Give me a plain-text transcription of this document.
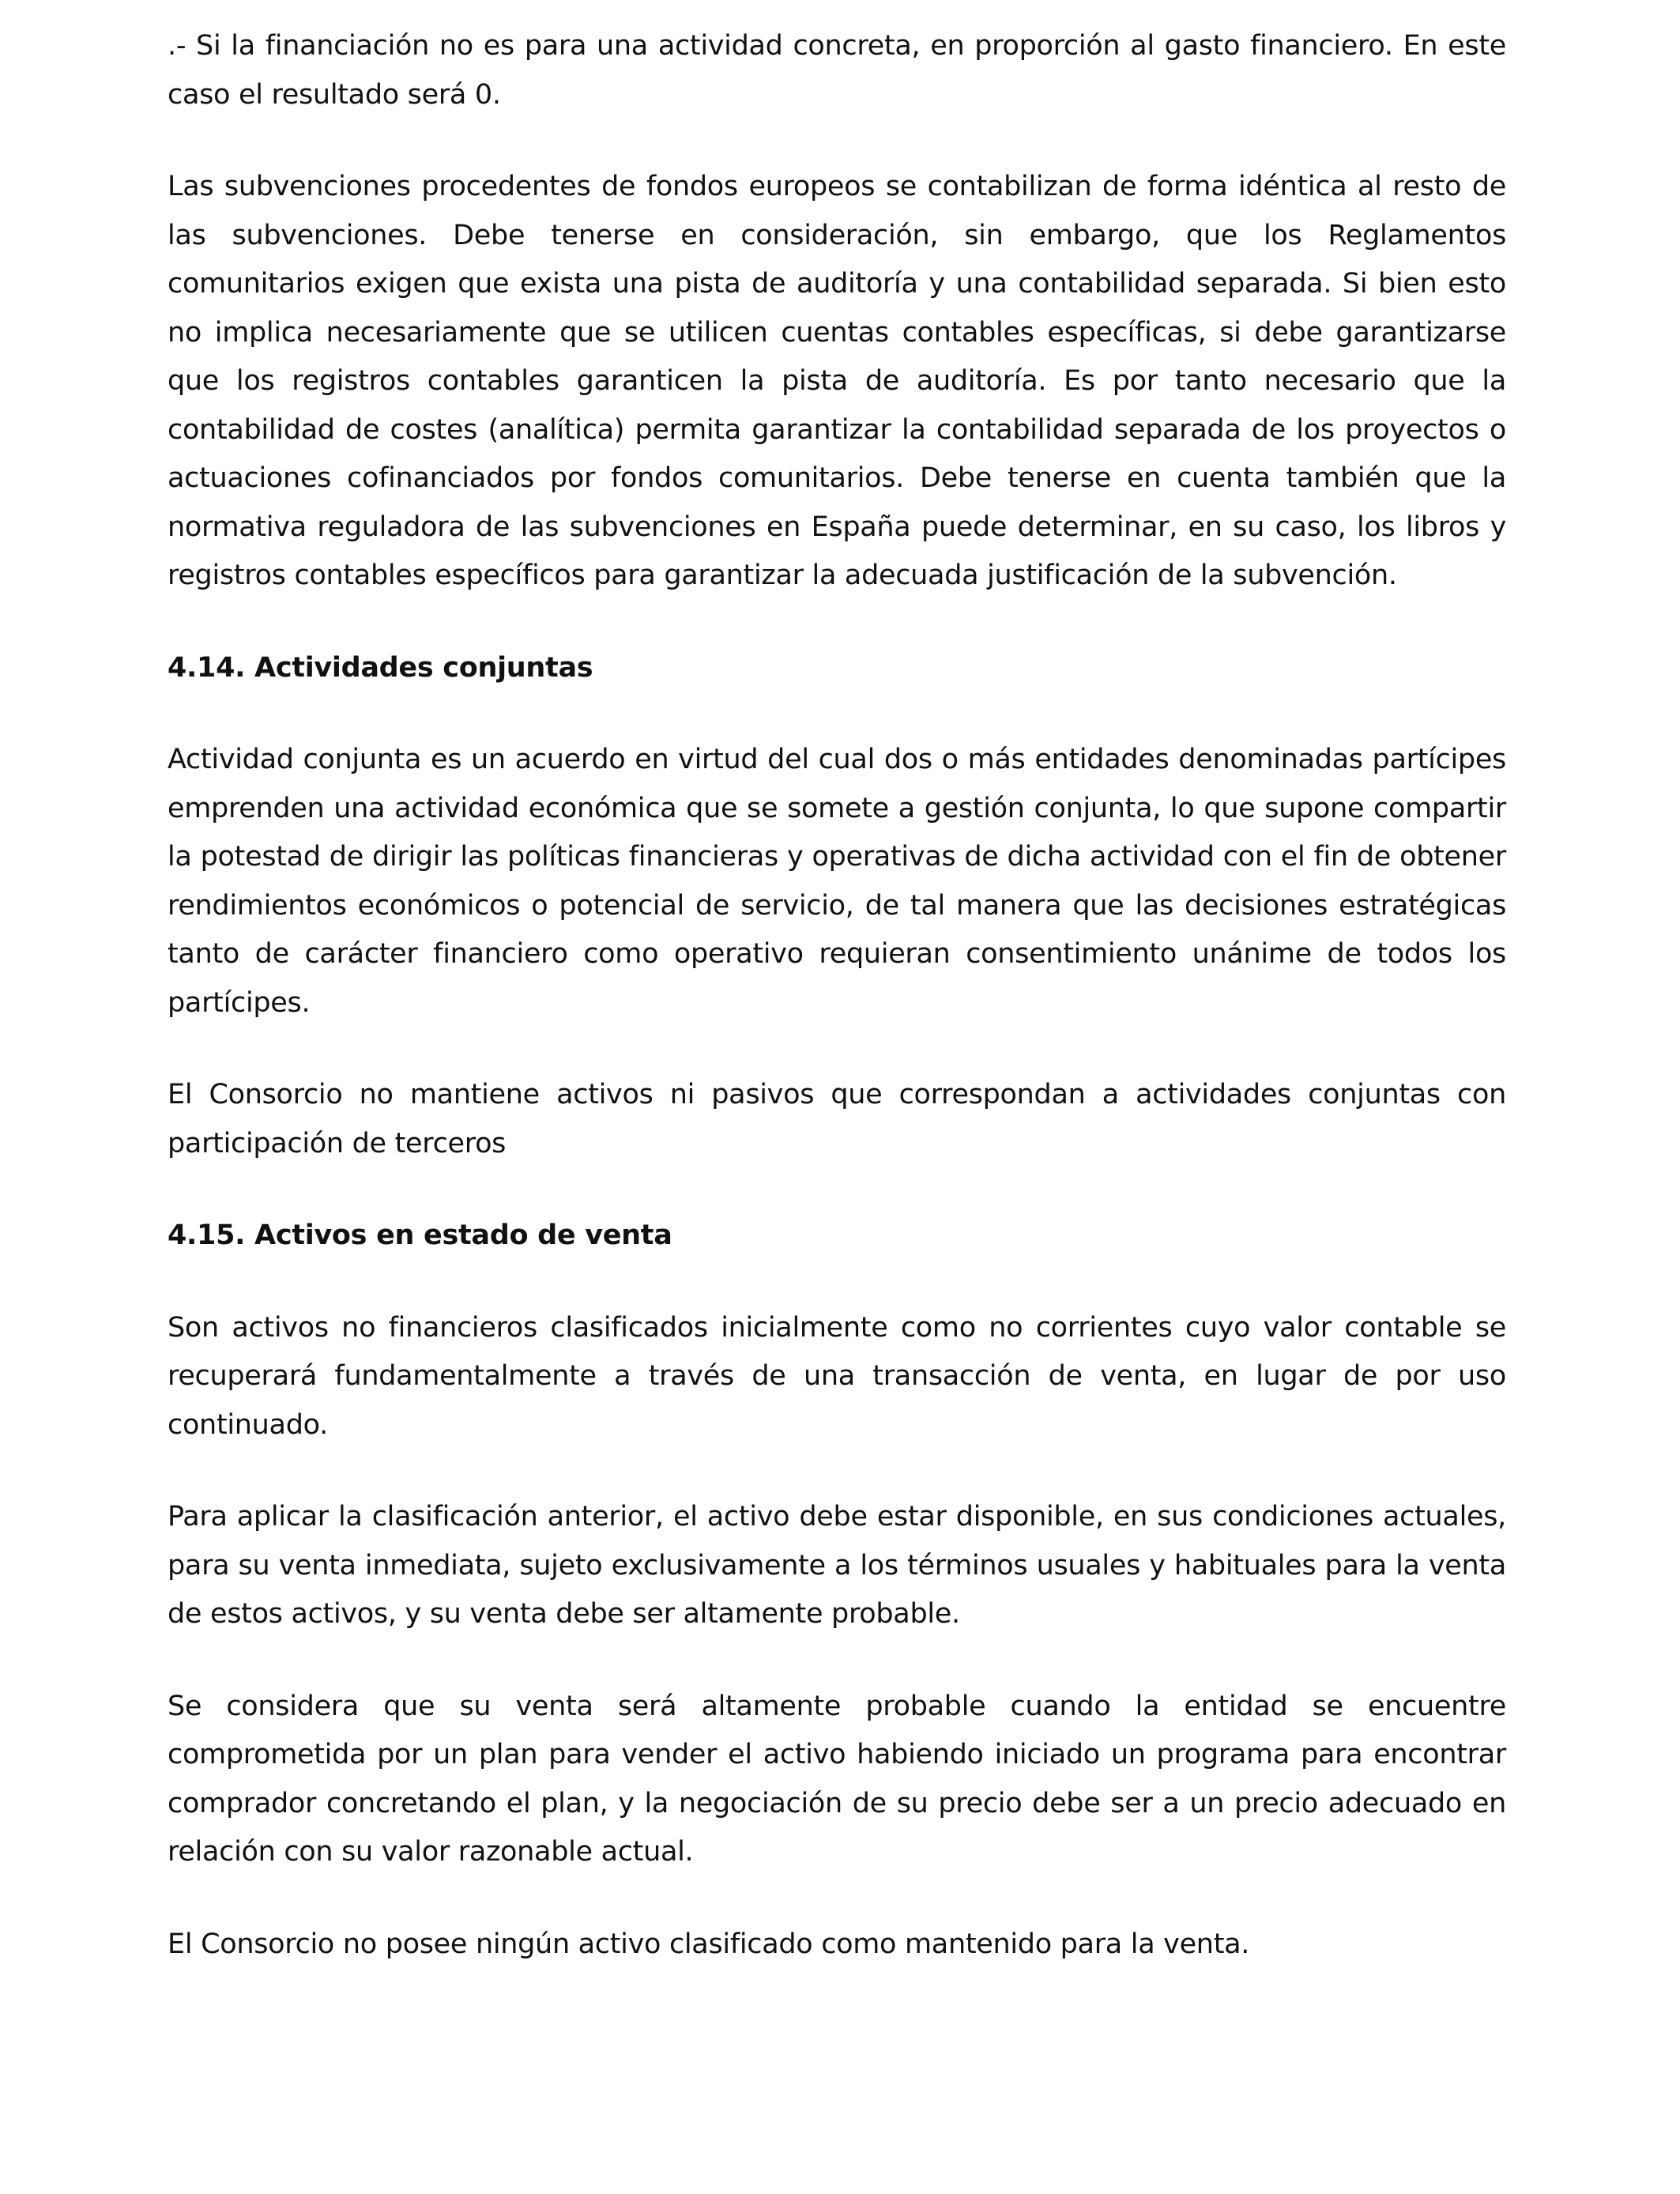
.- Si la financiación no es para una actividad concreta, en proporción al gasto financiero. En este caso el resultado será 0.

Las subvenciones procedentes de fondos europeos se contabilizan de forma idéntica al resto de las subvenciones. Debe tenerse en consideración, sin embargo, que los Reglamentos comunitarios exigen que exista una pista de auditoría y una contabilidad separada. Si bien esto no implica necesariamente que se utilicen cuentas contables específicas, si debe garantizarse que los registros contables garanticen la pista de auditoría. Es por tanto necesario que la contabilidad de costes (analítica) permita garantizar la contabilidad separada de los proyectos o actuaciones cofinanciados por fondos comunitarios. Debe tenerse en cuenta también que la normativa reguladora de las subvenciones en España puede determinar, en su caso, los libros y registros contables específicos para garantizar la adecuada justificación de la subvención.

4.14. Actividades conjuntas

Actividad conjunta es un acuerdo en virtud del cual dos o más entidades denominadas partícipes emprenden una actividad económica que se somete a gestión conjunta, lo que supone compartir la potestad de dirigir las políticas financieras y operativas de dicha actividad con el fin de obtener rendimientos económicos o potencial de servicio, de tal manera que las decisiones estratégicas tanto de carácter financiero como operativo requieran consentimiento unánime de todos los partícipes.

El Consorcio no mantiene activos ni pasivos que correspondan a actividades conjuntas con participación de terceros

4.15. Activos en estado de venta

Son activos no financieros clasificados inicialmente como no corrientes cuyo valor contable se recuperará fundamentalmente a través de una transacción de venta, en lugar de por uso continuado.

Para aplicar la clasificación anterior, el activo debe estar disponible, en sus condiciones actuales, para su venta inmediata, sujeto exclusivamente a los términos usuales y habituales para la venta de estos activos, y su venta debe ser altamente probable.

Se considera que su venta será altamente probable cuando la entidad se encuentre comprometida por un plan para vender el activo habiendo iniciado un programa para encontrar comprador concretando el plan, y la negociación de su precio debe ser a un precio adecuado en relación con su valor razonable actual.

El Consorcio no posee ningún activo clasificado como mantenido para la venta.
